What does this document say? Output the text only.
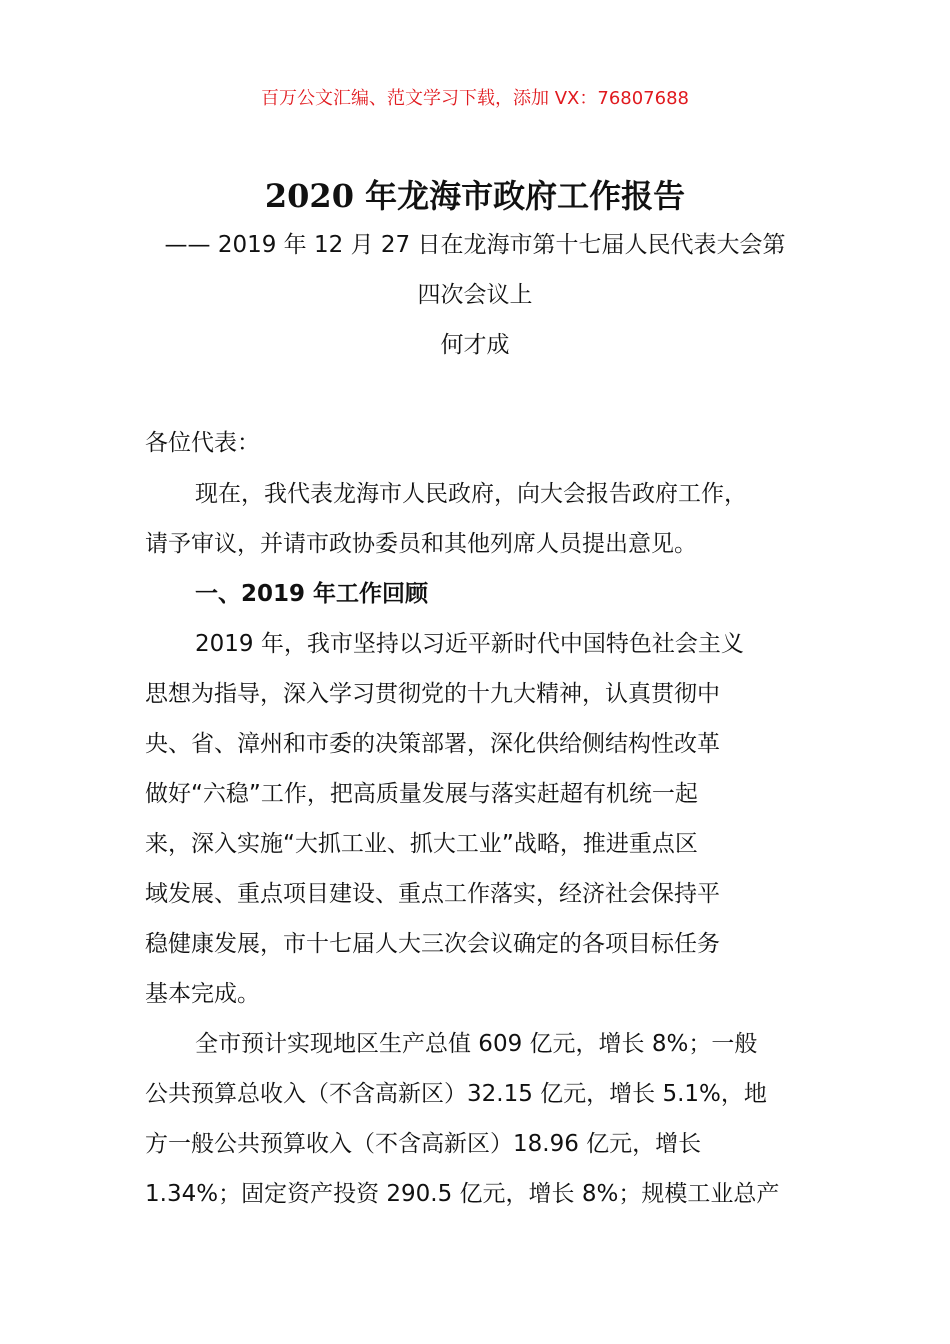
百万公文汇编、范文学习下载，添加 VX：76807688
2020 年龙海市政府工作报告
—— 2019 年 12 月 27 日在龙海市第十七届人民代表大会第
四次会议上
何才成
各位代表：
现在，我代表龙海市人民政府，向大会报告政府工作，
请予审议，并请市政协委员和其他列席人员提出意见。
一、2019 年工作回顾
2019 年，我市坚持以习近平新时代中国特色社会主义
思想为指导，深入学习贯彻党的十九大精神，认真贯彻中
央、省、漳州和市委的决策部署，深化供给侧结构性改革
做好“六稳”工作，把高质量发展与落实赶超有机统一起
来，深入实施“大抓工业、抓大工业”战略，推进重点区
域发展、重点项目建设、重点工作落实，经济社会保持平
稳健康发展，市十七届人大三次会议确定的各项目标任务
基本完成。
全市预计实现地区生产总值 609 亿元，增长 8%；一般
公共预算总收入（不含高新区）32.15 亿元，增长 5.1%，地
方一般公共预算收入（不含高新区）18.96 亿元，增长
1.34%；固定资产投资 290.5 亿元，增长 8%；规模工业总产
